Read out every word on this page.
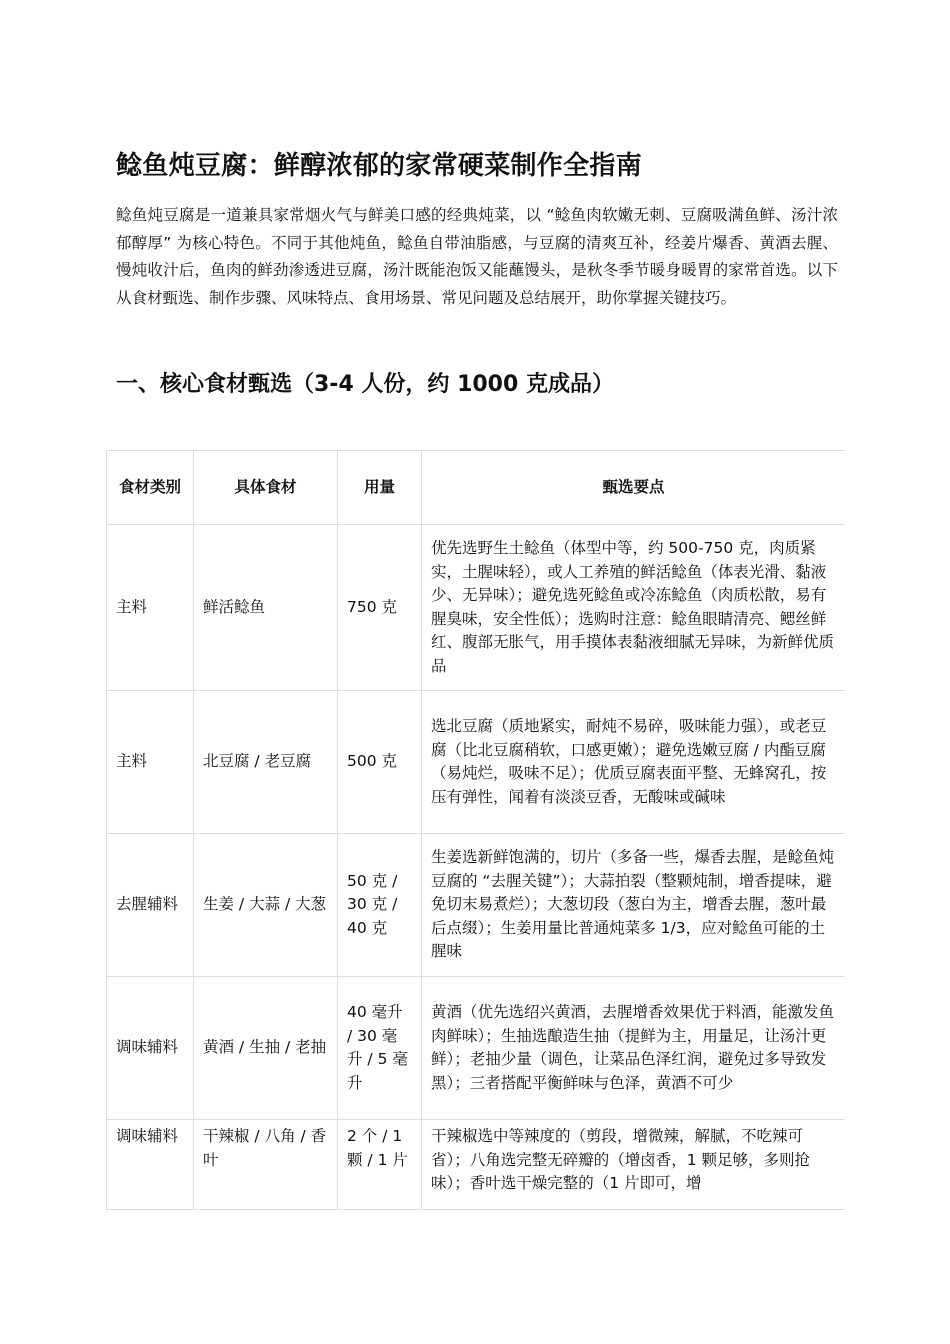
鲶鱼炖豆腐：鲜醇浓郁的家常硬菜制作全指南

鲶鱼炖豆腐是一道兼具家常烟火气与鲜美口感的经典炖菜，以 “鲶鱼肉软嫩无刺、豆腐吸满鱼鲜、汤汁浓郁醇厚” 为核心特色。不同于其他炖鱼，鲶鱼自带油脂感，与豆腐的清爽互补，经姜片爆香、黄酒去腥、慢炖收汁后，鱼肉的鲜劲渗透进豆腐，汤汁既能泡饭又能蘸馒头，是秋冬季节暖身暖胃的家常首选。以下从食材甄选、制作步骤、风味特点、食用场景、常见问题及总结展开，助你掌握关键技巧。

一、核心食材甄选（3-4 人份，约 1000 克成品）
食材类别	具体食材	用量	甄选要点
主料	鲜活鲶鱼	750 克	优先选野生土鲶鱼（体型中等，约 500-750 克，肉质紧实，土腥味轻），或人工养殖的鲜活鲶鱼（体表光滑、黏液少、无异味）；避免选死鲶鱼或冷冻鲶鱼（肉质松散，易有腥臭味，安全性低）；选购时注意：鲶鱼眼睛清亮、鳃丝鲜红、腹部无胀气，用手摸体表黏液细腻无异味，为新鲜优质品
主料	北豆腐 / 老豆腐	500 克	选北豆腐（质地紧实，耐炖不易碎，吸味能力强），或老豆腐（比北豆腐稍软，口感更嫩）；避免选嫩豆腐 / 内酯豆腐（易炖烂，吸味不足）；优质豆腐表面平整、无蜂窝孔，按压有弹性，闻着有淡淡豆香，无酸味或碱味
去腥辅料	生姜 / 大蒜 / 大葱	50 克 / 30 克 / 40 克	生姜选新鲜饱满的，切片（多备一些，爆香去腥，是鲶鱼炖豆腐的 “去腥关键”）；大蒜拍裂（整颗炖制，增香提味，避免切末易煮烂）；大葱切段（葱白为主，增香去腥，葱叶最后点缀）；生姜用量比普通炖菜多 1/3，应对鲶鱼可能的土腥味
调味辅料	黄酒 / 生抽 / 老抽	40 毫升 / 30 毫升 / 5 毫升	黄酒（优先选绍兴黄酒，去腥增香效果优于料酒，能激发鱼肉鲜味）；生抽选酿造生抽（提鲜为主，用量足，让汤汁更鲜）；老抽少量（调色，让菜品色泽红润，避免过多导致发黑）；三者搭配平衡鲜味与色泽，黄酒不可少
调味辅料	干辣椒 / 八角 / 香叶	2 个 / 1 颗 / 1 片	干辣椒选中等辣度的（剪段，增微辣，解腻，不吃辣可省）；八角选完整无碎瓣的（增卤香，1 颗足够，多则抢味）；香叶选干燥完整的（1 片即可，增
